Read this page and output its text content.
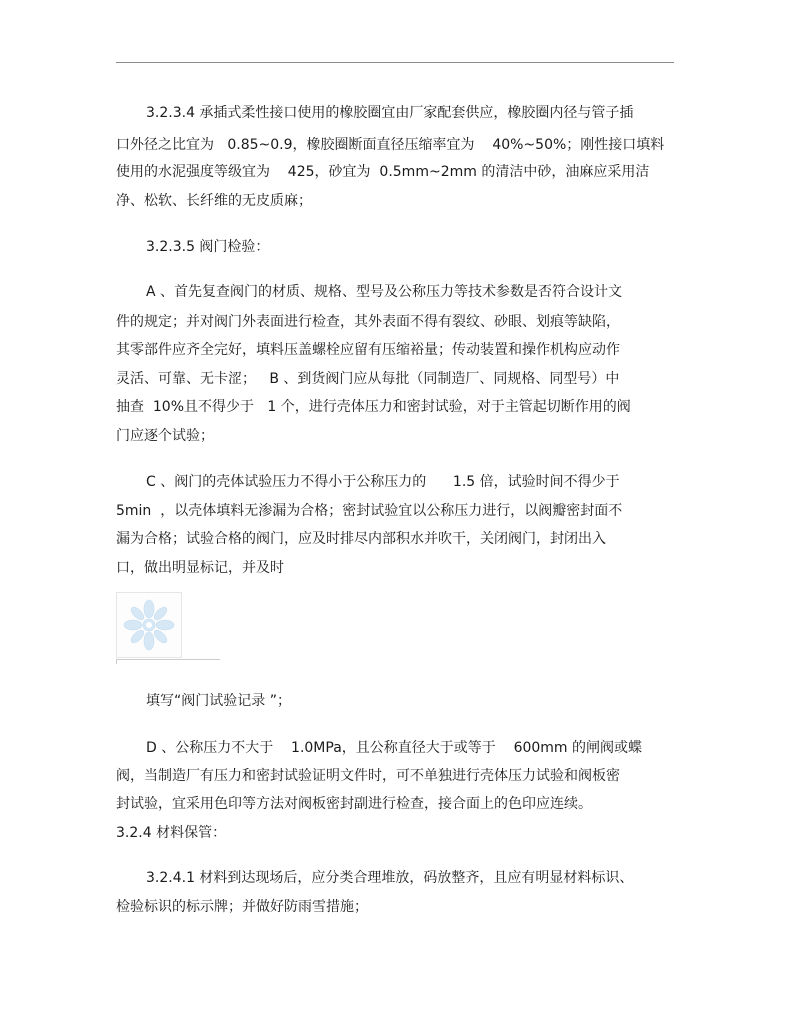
3.2.3.4 承插式柔性接口使用的橡胶圈宜由厂家配套供应，橡胶圈内径与管子插
口外径之比宜为   0.85~0.9，橡胶圈断面直径压缩率宜为    40%~50%；刚性接口填料
使用的水泥强度等级宜为    425，砂宜为  0.5mm~2mm 的清洁中砂，油麻应采用洁
净、松软、长纤维的无皮质麻；
3.2.3.5 阀门检验：
A 、首先复查阀门的材质、规格、型号及公称压力等技术参数是否符合设计文
件的规定；并对阀门外表面进行检查，其外表面不得有裂纹、砂眼、划痕等缺陷，
其零部件应齐全完好，填料压盖螺栓应留有压缩裕量；传动装置和操作机构应动作
灵活、可靠、无卡涩；   B 、到货阀门应从每批（同制造厂、同规格、同型号）中
抽查  10%且不得少于   1 个，进行壳体压力和密封试验，对于主管起切断作用的阀
门应逐个试验；
C 、阀门的壳体试验压力不得小于公称压力的      1.5 倍，试验时间不得少于
5min  ，以壳体填料无渗漏为合格；密封试验宜以公称压力进行，以阀瓣密封面不
漏为合格；试验合格的阀门，应及时排尽内部积水并吹干，关闭阀门，封闭出入
口，做出明显标记，并及时
填写“阀门试验记录 ”；
D 、公称压力不大于    1.0MPa，且公称直径大于或等于    600mm 的闸阀或蝶
阀，当制造厂有压力和密封试验证明文件时，可不单独进行壳体压力试验和阀板密
封试验，宜采用色印等方法对阀板密封副进行检查，接合面上的色印应连续。
3.2.4 材料保管：
3.2.4.1 材料到达现场后，应分类合理堆放，码放整齐，且应有明显材料标识、
检验标识的标示牌；并做好防雨雪措施；
